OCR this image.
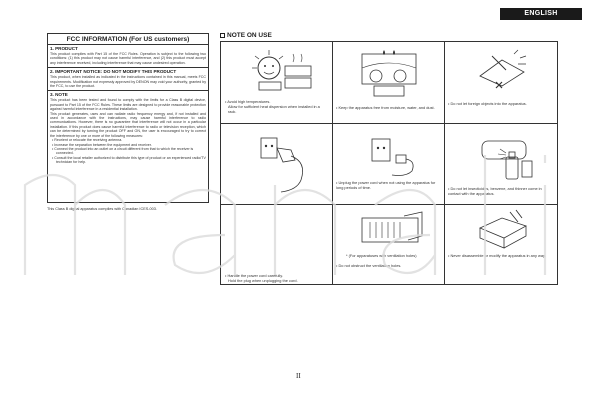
ENGLISH
FCC INFORMATION (For US customers)
1. PRODUCT
This product complies with Part 15 of the FCC Rules. Operation is subject to the following two conditions: (1) this product may not cause harmful interference, and (2) this product must accept any interference received, including interference that may cause undesired operation.
2. IMPORTANT NOTICE: DO NOT MODIFY THIS PRODUCT
This product, when installed as indicated in the instructions contained in this manual, meets FCC requirements. Modification not expressly approved by DENON may void your authority, granted by the FCC, to use the product.
3. NOTE
This product has been tested and found to comply with the limits for a Class B digital device, pursuant to Part 15 of the FCC Rules. These limits are designed to provide reasonable protection against harmful interference in a residential installation.
This product generates, uses and can radiate radio frequency energy and, if not installed and used in accordance with the instructions, may cause harmful interference to radio communications. However, there is no guarantee that interference will not occur in a particular installation. If this product does cause harmful interference to radio or television reception, which can be determined by turning the product OFF and ON, the user is encouraged to try to correct the interference by one or more of the following measures:
• Reorient or relocate the receiving antenna.
• Increase the separation between the equipment and receiver.
• Connect the product into an outlet on a circuit different from that to which the receiver is connected.
• Consult the local retailer authorized to distribute this type of product or an experienced radio/TV technician for help.
This Class B digital apparatus complies with Canadian ICES-003.
NOTE ON USE
• Avoid high temperatures.
Allow for sufficient heat dispersion when installed in a rack.
• Keep the apparatus free from moisture, water, and dust.
• Do not let foreign objects into the apparatus.
• Unplug the power cord when not using the apparatus for long periods of time.	• Do not let insecticides, benzene, and thinner come in contact with the apparatus.
• Handle the power cord carefully.
Hold the plug when unplugging the cord.
* (For apparatuses with ventilation holes)
• Do not obstruct the ventilation holes.
• Never disassemble or modify the apparatus in any way.
II
